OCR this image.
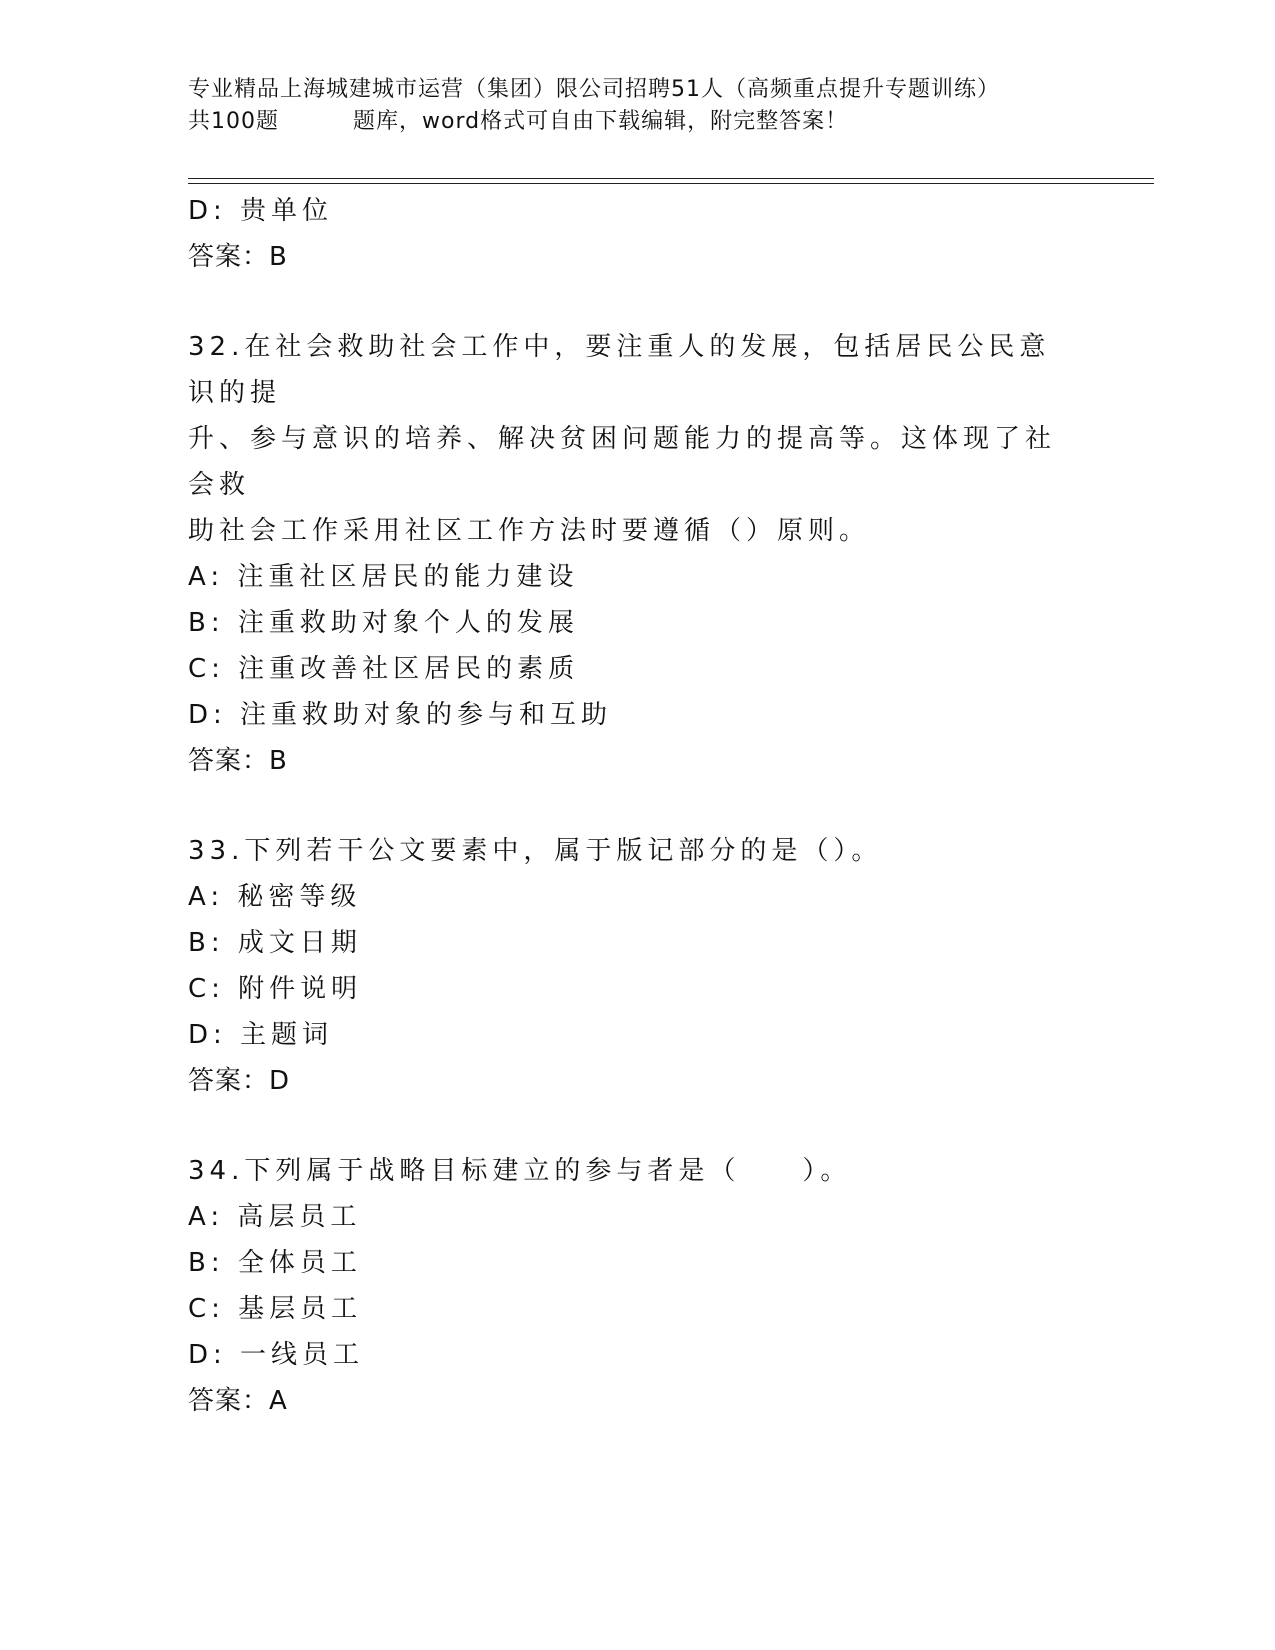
专业精品上海城建城市运营（集团）限公司招聘51人（高频重点提升专题训练）
共100题	题库，word格式可自由下载编辑，附完整答案！
D: 贵单位
答案：B
32.在社会救助社会工作中，要注重人的发展，包括居民公民意识的提
升、参与意识的培养、解决贫困问题能力的提高等。这体现了社会救
助社会工作采用社区工作方法时要遵循（）原则。
A: 注重社区居民的能力建设
B: 注重救助对象个人的发展
C: 注重改善社区居民的素质
D: 注重救助对象的参与和互助
答案：B
33.下列若干公文要素中，属于版记部分的是（）。
A: 秘密等级
B: 成文日期
C: 附件说明
D: 主题词
答案：D
34.下列属于战略目标建立的参与者是（　　）。
A: 高层员工
B: 全体员工
C: 基层员工
D: 一线员工
答案：A
